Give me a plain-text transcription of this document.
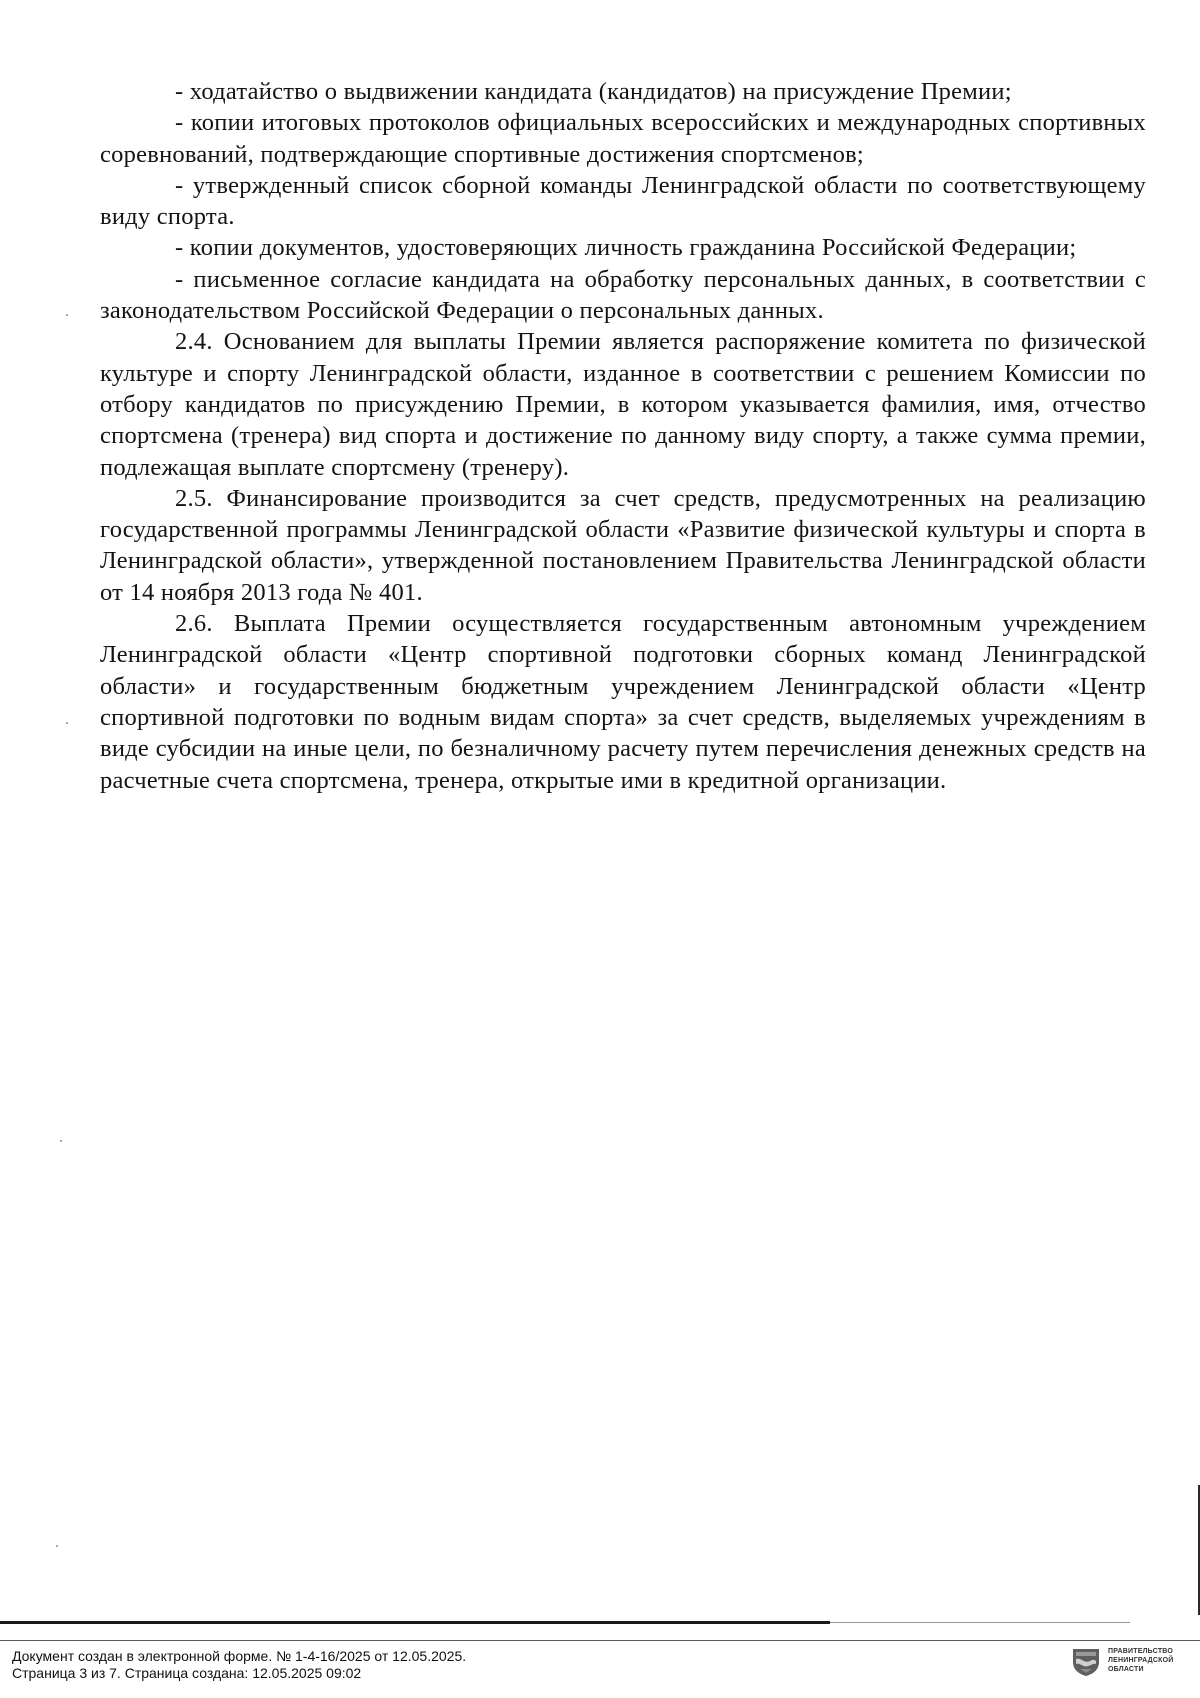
- ходатайство о выдвижении кандидата (кандидатов) на присуждение Премии;

- копии итоговых протоколов официальных всероссийских и международных спортивных соревнований, подтверждающие спортивные достижения спортсменов;

- утвержденный список сборной команды Ленинградской области по соответствующему виду спорта.

- копии документов, удостоверяющих личность гражданина Российской Федерации;

- письменное согласие кандидата на обработку персональных данных, в соответствии с законодательством Российской Федерации о персональных данных.

2.4. Основанием для выплаты Премии является распоряжение комитета по физической культуре и спорту Ленинградской области, изданное в соответствии с решением Комиссии по отбору кандидатов по присуждению Премии, в котором указывается фамилия, имя, отчество спортсмена (тренера) вид спорта и достижение по данному виду спорту, а также сумма премии, подлежащая выплате спортсмену (тренеру).

2.5. Финансирование производится за счет средств, предусмотренных на реализацию государственной программы Ленинградской области «Развитие физической культуры и спорта в Ленинградской области», утвержденной постановлением Правительства Ленинградской области от 14 ноября 2013 года № 401.

2.6. Выплата Премии осуществляется государственным автономным учреждением Ленинградской области «Центр спортивной подготовки сборных команд Ленинградской области» и государственным бюджетным учреждением Ленинградской области «Центр спортивной подготовки по водным видам спорта» за счет средств, выделяемых учреждениям в виде субсидии на иные цели, по безналичному расчету путем перечисления денежных средств на расчетные счета спортсмена, тренера, открытые ими в кредитной организации.

Документ создан в электронной форме. № 1-4-16/2025 от 12.05.2025.
Страница 3 из 7. Страница создана: 12.05.2025 09:02
ПРАВИТЕЛЬСТВО
ЛЕНИНГРАДСКОЙ
ОБЛАСТИ
